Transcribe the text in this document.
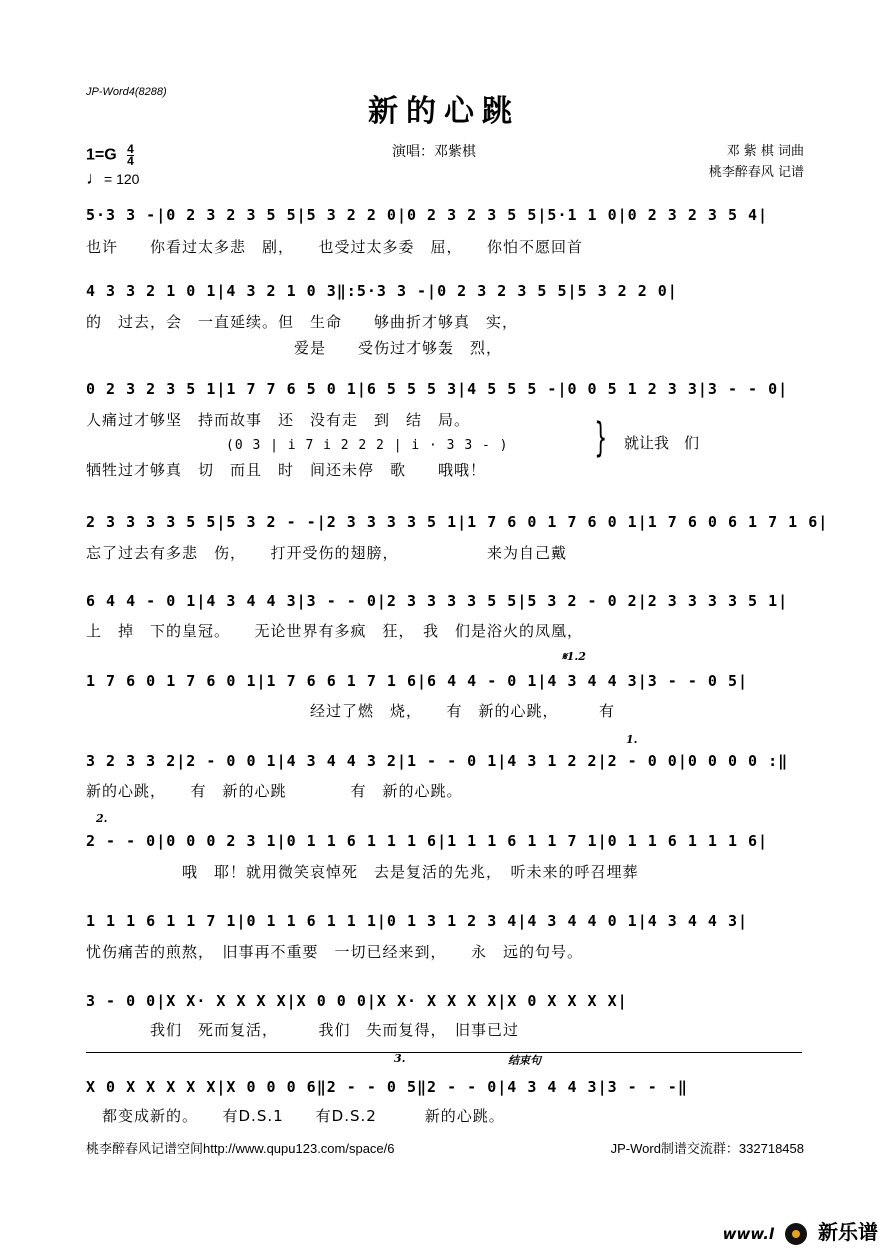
JP-Word4(8288)
新的心跳
$1=G \frac{4}{4}$
♩= 120
演唱：邓紫棋	邓 紫 棋 词曲
桃李醉春风 记谱
5·3 3 -|0 2 3 2 3 5 5|5 3 2 2 0|0 2 3 2 3 5 5|5·1 1 0|0 2 3 2 3 5 4|
也许　　你看过太多悲　剧，　　也受过太多委　屈，　　你怕不愿回首
4 3 3 2 1 0 1|4 3 2 1 0 3‖:5·3 3 -|0 2 3 2 3 5 5|5 3 2 2 0|
的　过去，会　一直延续。但　生命　　够曲折才够真　实，
　　　　　　　　　　　　　爱是　　受伤过才够轰　烈，
0 2 3 2 3 5 1|1 7 7 6 5 0 1|6 5 5 5 3|4 5 5 5 -|0 0 5 1 2 3 3|3 - - 0|
人痛过才够坚　持而故事　还　没有走　到　结　局。
　　　　　　　　　　(0 3 | i 7 i 2 2 2 | i · 3 3 - )
牺牲过才够真　切　而且　时　间还未停　歌　　哦哦！
就让我　们
}
2 3 3 3 3 5 5|5 3 2 - -|2 3 3 3 3 5 1|1 7 6 0 1 7 6 0 1|1 7 6 0 6 1 7 1 6|
忘了过去有多悲　伤，　　打开受伤的翅膀，　　　　　　来为自己戴
6 4 4 - 0 1|4 3 4 4 3|3 - - 0|2 3 3 3 3 5 5|5 3 2 - 0 2|2 3 3 3 3 5 1|
上　掉　下的皇冠。　　无论世界有多疯　狂，　我　们是浴火的凤凰，
𝄋1.2
1 7 6 0 1 7 6 0 1|1 7 6 6 1 7 1 6|6 4 4 - 0 1|4 3 4 4 3|3 - - 0 5|
　　　　　　　　　　　　　　经过了燃　烧，　　有　新的心跳，　　　有
1.
3 2 3 3 2|2 - 0 0 1|4 3 4 4 3 2|1 - - 0 1|4 3 1 2 2|2 - 0 0|0 0 0 0 :‖
新的心跳，　　有　新的心跳　　　　有　新的心跳。
2.
2 - - 0|0 0 0 2 3 1|0 1 1 6 1 1 1 6|1 1 1 6 1 1 7 1|0 1 1 6 1 1 1 6|
　　　　　　哦　耶！就用微笑哀悼死　去是复活的先兆，　听未来的呼召埋葬
1 1 1 6 1 1 7 1|0 1 1 6 1 1 1|0 1 3 1 2 3 4|4 3 4 4 0 1|4 3 4 4 3|
忧伤痛苦的煎熬，　旧事再不重要　一切已经来到，　　永　远的句号。
3 - 0 0|X X· X X X X|X 0 0 0|X X· X X X X|X 0 X X X X|
　　　　我们　死而复活，　　　我们　失而复得，　旧事已过
3.	结束句
X 0 X X X X X|X 0 0 0 6‖2 - - 0 5‖2 - - 0|4 3 4 4 3|3 - - -‖
　都变成新的。　　有D.S.1　　有D.S.2　　　新的心跳。
桃李醉春风记谱空间http://www.qupu123.com/space/6	JP-Word制谱交流群：332718458
www.l 新乐谱
